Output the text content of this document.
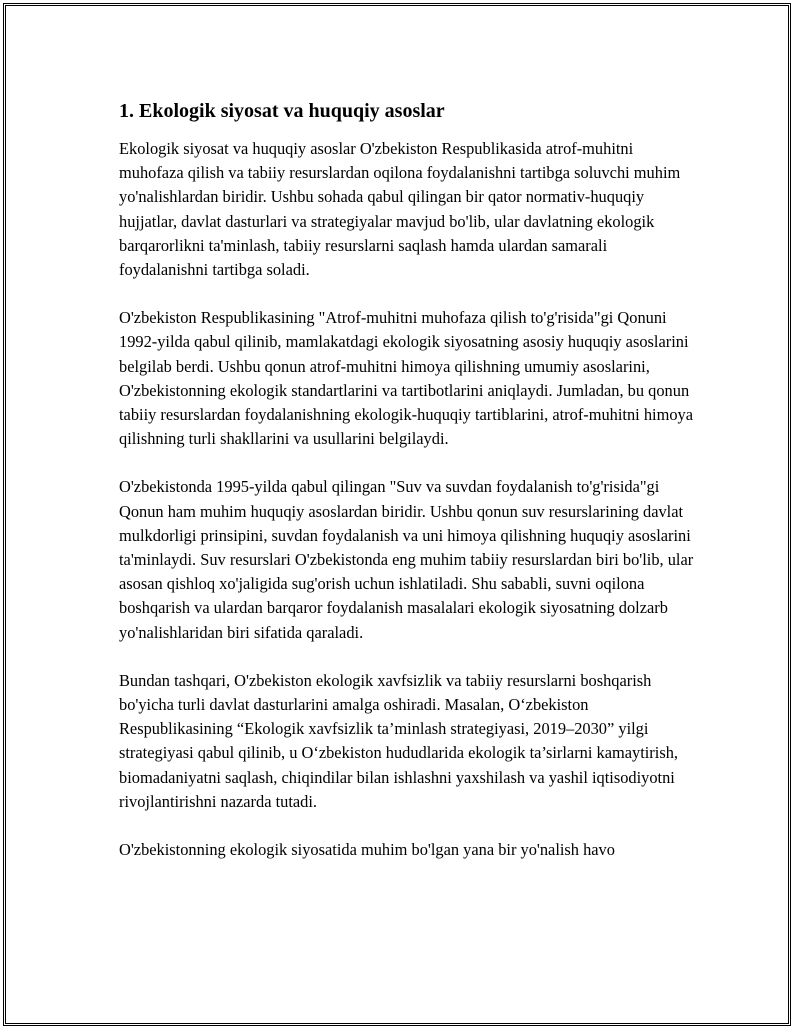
1. Ekologik siyosat va huquqiy asoslar

Ekologik siyosat va huquqiy asoslar O'zbekiston Respublikasida atrof-muhitni muhofaza qilish va tabiiy resurslardan oqilona foydalanishni tartibga soluvchi muhim yo'nalishlardan biridir. Ushbu sohada qabul qilingan bir qator normativ-huquqiy hujjatlar, davlat dasturlari va strategiyalar mavjud bo'lib, ular davlatning ekologik barqarorlikni ta'minlash, tabiiy resurslarni saqlash hamda ulardan samarali foydalanishni tartibga soladi.

O'zbekiston Respublikasining "Atrof-muhitni muhofaza qilish to'g'risida"gi Qonuni 1992-yilda qabul qilinib, mamlakatdagi ekologik siyosatning asosiy huquqiy asoslarini belgilab berdi. Ushbu qonun atrof-muhitni himoya qilishning umumiy asoslarini, O'zbekistonning ekologik standartlarini va tartibotlarini aniqlaydi. Jumladan, bu qonun tabiiy resurslardan foydalanishning ekologik-huquqiy tartiblarini, atrof-muhitni himoya qilishning turli shakllarini va usullarini belgilaydi.

O'zbekistonda 1995-yilda qabul qilingan "Suv va suvdan foydalanish to'g'risida"gi Qonun ham muhim huquqiy asoslardan biridir. Ushbu qonun suv resurslarining davlat mulkdorligi prinsipini, suvdan foydalanish va uni himoya qilishning huquqiy asoslarini ta'minlaydi. Suv resurslari O'zbekistonda eng muhim tabiiy resurslardan biri bo'lib, ular asosan qishloq xo'jaligida sug'orish uchun ishlatiladi. Shu sababli, suvni oqilona boshqarish va ulardan barqaror foydalanish masalalari ekologik siyosatning dolzarb yo'nalishlaridan biri sifatida qaraladi.

Bundan tashqari, O'zbekiston ekologik xavfsizlik va tabiiy resurslarni boshqarish bo'yicha turli davlat dasturlarini amalga oshiradi. Masalan, O‘zbekiston Respublikasining “Ekologik xavfsizlik ta’minlash strategiyasi, 2019–2030” yilgi strategiyasi qabul qilinib, u O‘zbekiston hududlarida ekologik ta’sirlarni kamaytirish, biomadaniyatni saqlash, chiqindilar bilan ishlashni yaxshilash va yashil iqtisodiyotni rivojlantirishni nazarda tutadi.

O'zbekistonning ekologik siyosatida muhim bo'lgan yana bir yo'nalish havo
